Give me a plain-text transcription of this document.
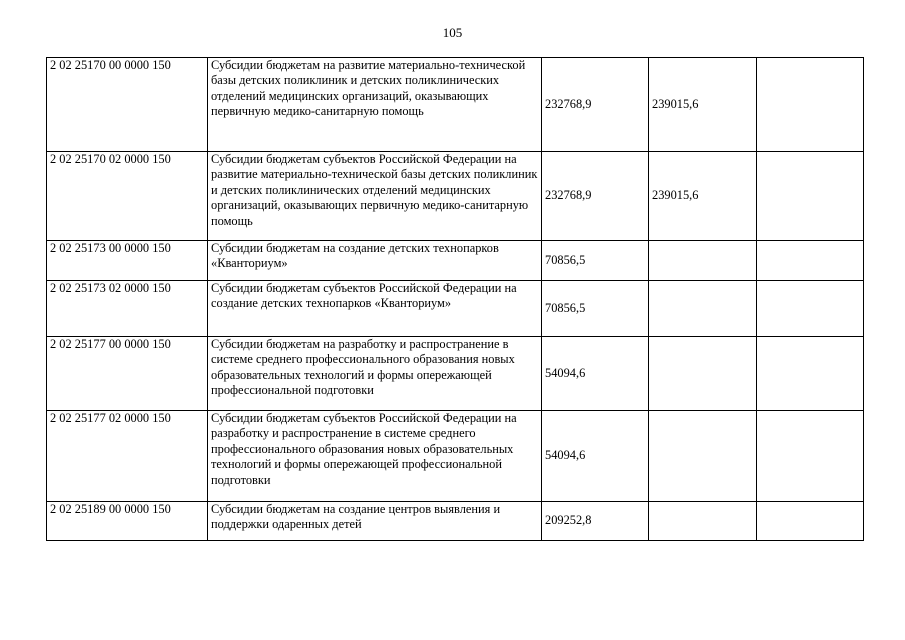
105
2 02 25170 00 0000 150	Субсидии бюджетам на развитие материально-технической базы детских поликлиник и детских поликлинических отделений медицинских организаций, оказывающих первичную медико-санитарную помощь	232768,9	239015,6	
2 02 25170 02 0000 150	Субсидии бюджетам субъектов Российской Федерации на развитие материально-технической базы детских поликлиник и детских поликлинических отделений медицинских организаций, оказывающих первичную медико-санитарную помощь	232768,9	239015,6	
2 02 25173 00 0000 150	Субсидии бюджетам на создание детских технопарков «Кванториум»	70856,5		
2 02 25173 02 0000 150	Субсидии бюджетам субъектов Российской Федерации на создание детских технопарков «Кванториум»	70856,5		
2 02 25177 00 0000 150	Субсидии бюджетам на разработку и распространение в системе среднего профессионального образования новых образовательных технологий и формы опережающей профессиональной подготовки	54094,6		
2 02 25177 02 0000 150	Субсидии бюджетам субъектов Российской Федерации на разработку и распространение в системе среднего профессионального образования новых образовательных технологий и формы опережающей профессиональной подготовки	54094,6		
2 02 25189 00 0000 150	Субсидии бюджетам на создание центров выявления и поддержки одаренных детей	209252,8		
